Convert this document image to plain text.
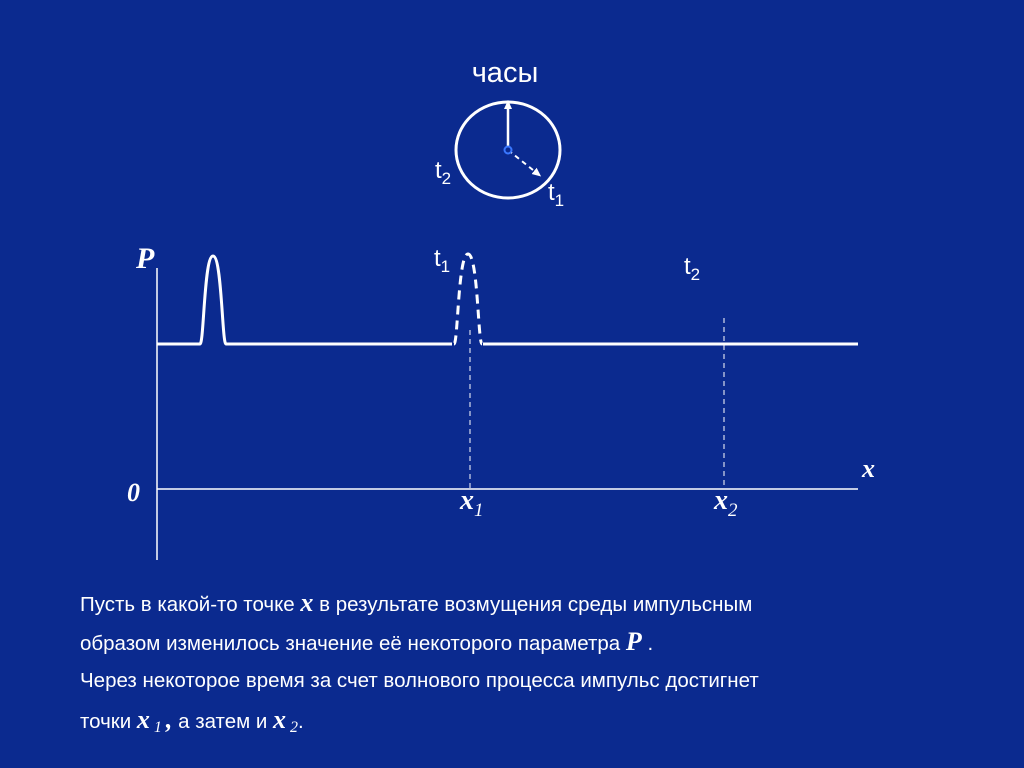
часы
$t_2$
$t_1$
P
x
0
$t_1$	$t_2$
$x_1$	$x_2$
Пусть в какой-то точке x в результате возмущения среды импульсным
образом изменилось значение её некоторого параметра P .
Через некоторое время за счет волнового процесса импульс достигнет
точки x $_1$ , а затем и x $_2$.
